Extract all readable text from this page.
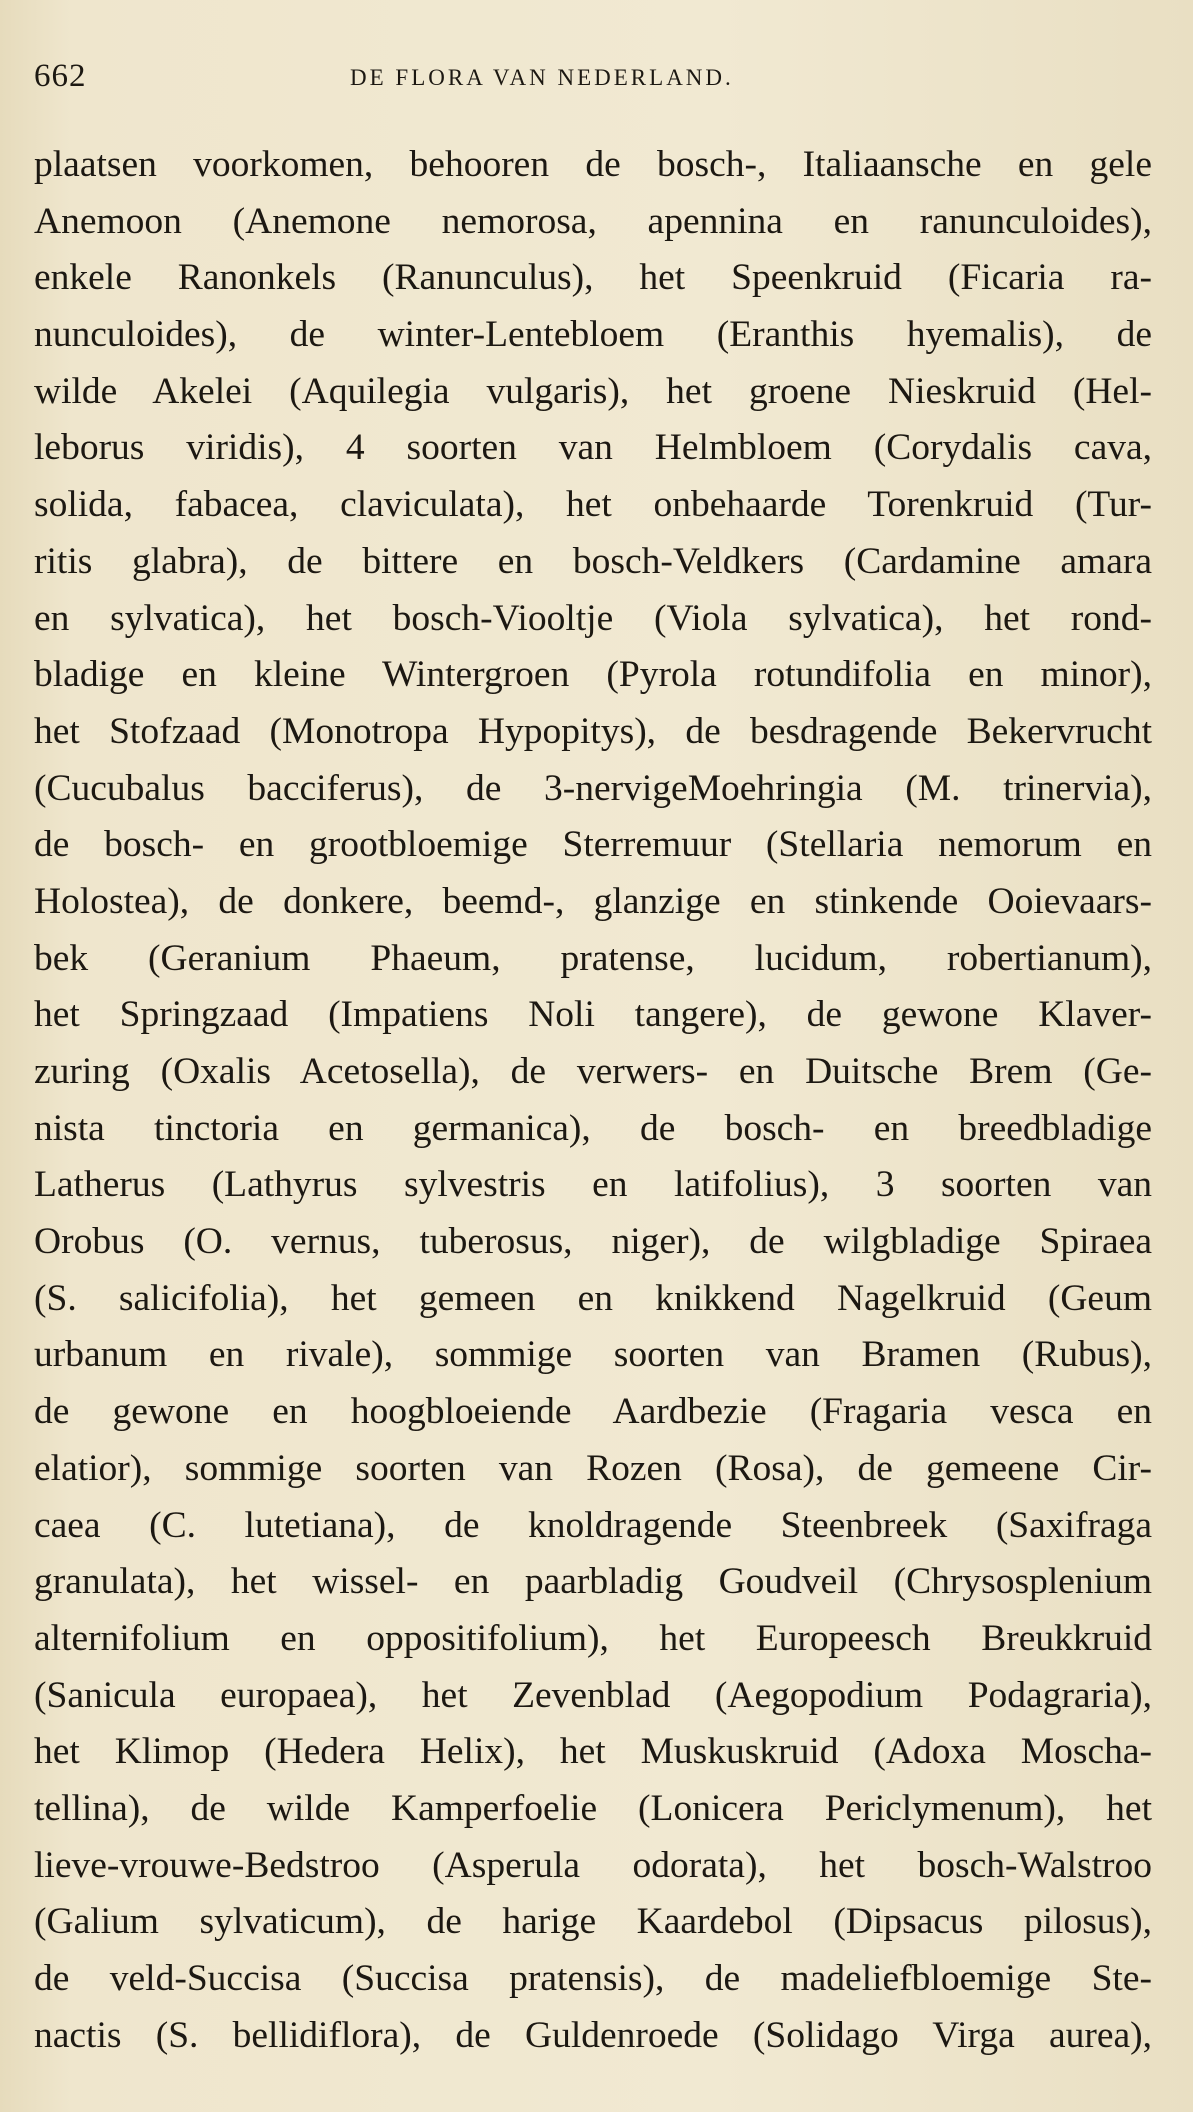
662	DE FLORA VAN NEDERLAND.
plaatsen voorkomen, behooren de bosch-, Italiaansche en gele
Anemoon (Anemone nemorosa, apennina en ranunculoides),
enkele Ranonkels (Ranunculus), het Speenkruid (Ficaria ra-
nunculoides), de winter-Lentebloem (Eranthis hyemalis), de
wilde Akelei (Aquilegia vulgaris), het groene Nieskruid (Hel-
leborus viridis), 4 soorten van Helmbloem (Corydalis cava,
solida, fabacea, claviculata), het onbehaarde Torenkruid (Tur-
ritis glabra), de bittere en bosch-Veldkers (Cardamine amara
en sylvatica), het bosch-Viooltje (Viola sylvatica), het rond-
bladige en kleine Wintergroen (Pyrola rotundifolia en minor),
het Stofzaad (Monotropa Hypopitys), de besdragende Bekervrucht
(Cucubalus bacciferus), de 3-nervigeMoehringia (M. trinervia),
de bosch- en grootbloemige Sterremuur (Stellaria nemorum en
Holostea), de donkere, beemd-, glanzige en stinkende Ooievaars-
bek (Geranium Phaeum, pratense, lucidum, robertianum),
het Springzaad (Impatiens Noli tangere), de gewone Klaver-
zuring (Oxalis Acetosella), de verwers- en Duitsche Brem (Ge-
nista tinctoria en germanica), de bosch- en breedbladige
Latherus (Lathyrus sylvestris en latifolius), 3 soorten van
Orobus (O. vernus, tuberosus, niger), de wilgbladige Spiraea
(S. salicifolia), het gemeen en knikkend Nagelkruid (Geum
urbanum en rivale), sommige soorten van Bramen (Rubus),
de gewone en hoogbloeiende Aardbezie (Fragaria vesca en
elatior), sommige soorten van Rozen (Rosa), de gemeene Cir-
caea (C. lutetiana), de knoldragende Steenbreek (Saxifraga
granulata), het wissel- en paarbladig Goudveil (Chrysosplenium
alternifolium en oppositifolium), het Europeesch Breukkruid
(Sanicula europaea), het Zevenblad (Aegopodium Podagraria),
het Klimop (Hedera Helix), het Muskuskruid (Adoxa Moscha-
tellina), de wilde Kamperfoelie (Lonicera Periclymenum), het
lieve-vrouwe-Bedstroo (Asperula odorata), het bosch-Walstroo
(Galium sylvaticum), de harige Kaardebol (Dipsacus pilosus),
de veld-Succisa (Succisa pratensis), de madeliefbloemige Ste-
nactis (S. bellidiflora), de Guldenroede (Solidago Virga aurea),
